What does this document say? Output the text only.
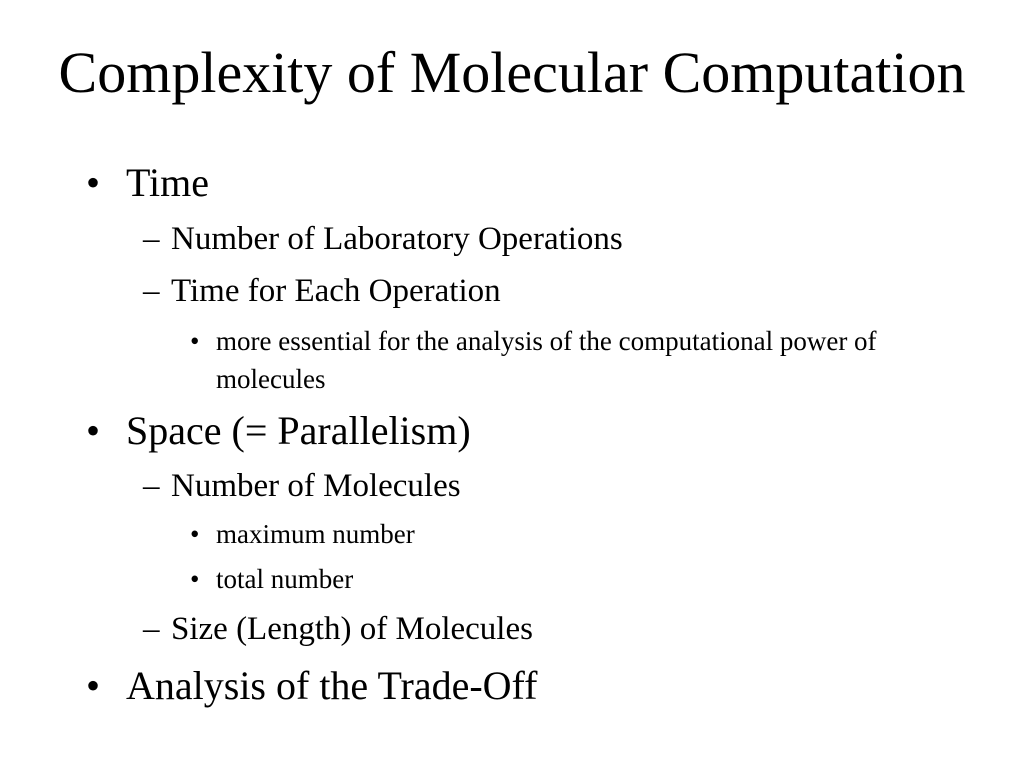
Complexity of Molecular Computation
• Time
– Number of Laboratory Operations
– Time for Each Operation
• more essential for the analysis of the computational power of molecules
• Space (= Parallelism)
– Number of Molecules
• maximum number
• total number
– Size (Length) of Molecules
• Analysis of the Trade-Off
